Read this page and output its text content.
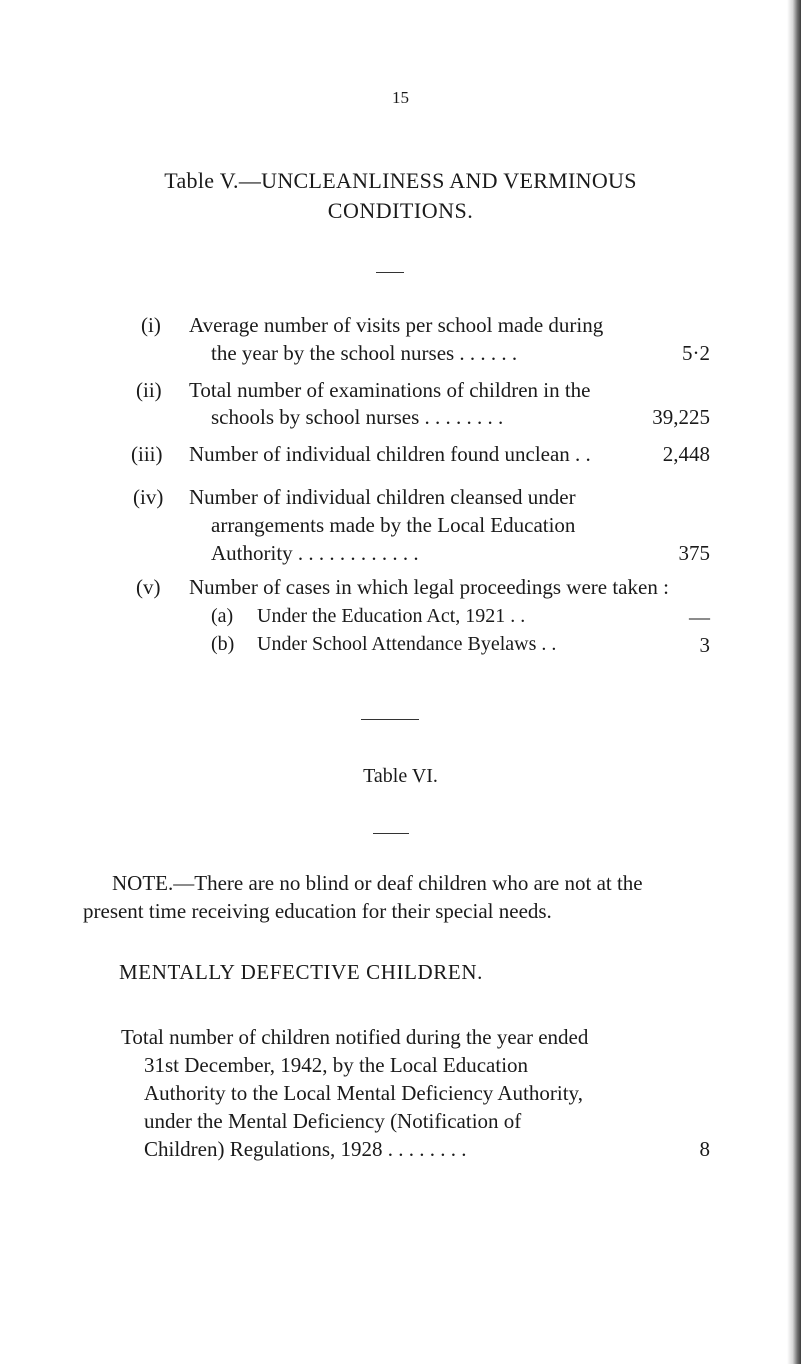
15
Table V.—UNCLEANLINESS AND VERMINOUS
CONDITIONS.
(i) Average number of visits per school made during
the year by the school nurses . . . . . .	5·2
(ii) Total number of examinations of children in the
schools by school nurses . . . . . . . .	39,225
(iii) Number of individual children found unclean . .	2,448
(iv) Number of individual children cleansed under
arrangements made by the Local Education
Authority . . . . . . . . . . . .	375
(v) Number of cases in which legal proceedings were taken :
(a) Under the Education Act, 1921 . .	—
(b) Under School Attendance Byelaws . .	3
Table VI.
NOTE.—There are no blind or deaf children who are not at the
present time receiving education for their special needs.
MENTALLY DEFECTIVE CHILDREN.
Total number of children notified during the year ended
31st December, 1942, by the Local Education
Authority to the Local Mental Deficiency Authority,
under the Mental Deficiency (Notification of
Children) Regulations, 1928 . . . . . . . .	8
